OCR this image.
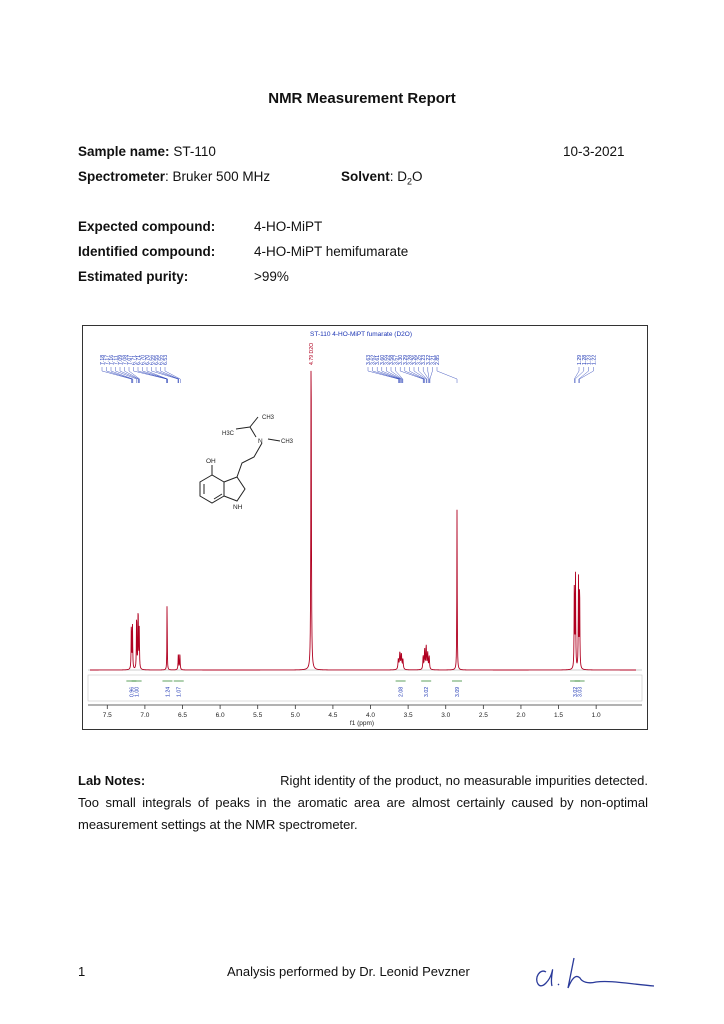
NMR Measurement Report
Sample name: ST-110	10-3-2021
Spectrometer: Bruker 500 MHz	Solvent: $D_2O$
Expected compound:	4-HO-MiPT
Identified compound:	4-HO-MiPT hemifumarate
Estimated purity:	>99%
ST-110 4-HO-MiPT fumarate (D2O)
7.18
7.17
7.16
7.11
7.09
7.08
7.07
6.71
6.71
6.70
6.70
6.56
6.55
6.55
6.53	4.79 D2O	3.63
3.62
3.61
3.60
3.59
3.58
3.57
3.30
3.29
3.28
3.26
3.25
3.23
3.22
3.21
2.85	1.29
1.28
1.23
1.22
CH3
H3C
N	CH3
OH
NH
0.96 1.00	1.24 1.07	2.08	3.02	3.09	3.02
3.03
7.5	7.0	6.5	6.0	5.5	5.0	4.5	4.0	3.5	3.0	2.5	2.0	1.5	1.0
f1 (ppm)
Lab Notes:	Right identity of the product, no measurable impurities detected.
Too small integrals of peaks in the aromatic area are almost certainly caused by non-optimal measurement settings at the NMR spectrometer.
1	Analysis performed by Dr. Leonid Pevzner
